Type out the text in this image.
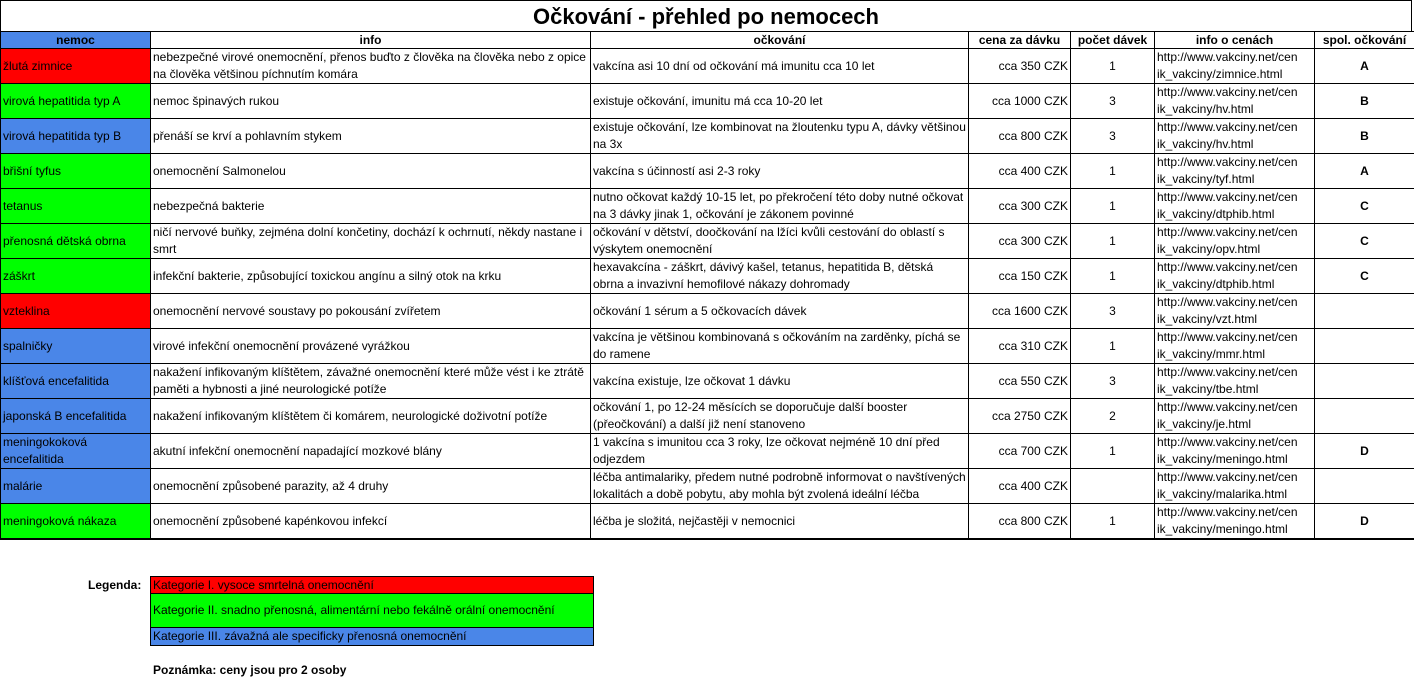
Očkování - přehled po nemocech
nemoc	info	očkování	cena za dávku	počet dávek	info o cenách	spol. očkování
žlutá zimnice	nebezpečné virové onemocnění, přenos buďto z člověka na člověka nebo z opice na člověka většinou píchnutím komára	vakcína asi 10 dní od očkování má imunitu cca 10 let	cca 350 CZK	1	http://www.vakciny.net/cen
ik_vakciny/zimnice.html	A
virová hepatitida typ A	nemoc špinavých rukou	existuje očkování, imunitu má cca 10-20 let	cca 1000 CZK	3	http://www.vakciny.net/cen
ik_vakciny/hv.html	B
virová hepatitida typ B	přenáší se krví a pohlavním stykem	existuje očkování, lze kombinovat na žloutenku typu A, dávky většinou na 3x	cca 800 CZK	3	http://www.vakciny.net/cen
ik_vakciny/hv.html	B
břišní tyfus	onemocnění Salmonelou	vakcína s účinností asi 2-3 roky	cca 400 CZK	1	http://www.vakciny.net/cen
ik_vakciny/tyf.html	A
tetanus	nebezpečná bakterie	nutno očkovat každý 10-15 let, po překročení této doby nutné očkovat na 3 dávky jinak 1, očkování je zákonem povinné	cca 300 CZK	1	http://www.vakciny.net/cen
ik_vakciny/dtphib.html	C
přenosná dětská obrna	ničí nervové buňky, zejména dolní končetiny, dochází k ochrnutí, někdy nastane i smrt	očkování v dětství, doočkování na lžíci kvůli cestování do oblastí s výskytem onemocnění	cca 300 CZK	1	http://www.vakciny.net/cen
ik_vakciny/opv.html	C
záškrt	infekční bakterie, způsobující toxickou angínu a silný otok na krku	hexavakcína - záškrt, dávivý kašel, tetanus, hepatitida B, dětská obrna a invazivní hemofilové nákazy dohromady	cca 150 CZK	1	http://www.vakciny.net/cen
ik_vakciny/dtphib.html	C
vzteklina	onemocnění nervové soustavy po pokousání zvířetem	očkování 1 sérum a 5 očkovacích dávek	cca 1600 CZK	3	http://www.vakciny.net/cen
ik_vakciny/vzt.html	

spalničky	virové infekční onemocnění provázené vyrážkou	vakcína je většinou kombinovaná s očkováním na zarděnky, píchá se do ramene	cca 310 CZK	1	http://www.vakciny.net/cen
ik_vakciny/mmr.html	

klíšťová encefalitida	nakažení infikovaným klíštětem, závažné onemocnění které může vést i ke ztrátě paměti a hybnosti a jiné neurologické potíže	vakcína existuje, lze očkovat 1 dávku	cca 550 CZK	3	http://www.vakciny.net/cen
ik_vakciny/tbe.html	

japonská B encefalitida	nakažení infikovaným klíštětem či komárem, neurologické doživotní potíže	očkování 1, po 12-24 měsících se doporučuje další booster (přeočkování) a další již není stanoveno	cca 2750 CZK	2	http://www.vakciny.net/cen
ik_vakciny/je.html	

meningokoková encefalitida	akutní infekční onemocnění napadající mozkové blány	1 vakcína s imunitou cca 3 roky, lze očkovat nejméně 10 dní před odjezdem	cca 700 CZK	1	http://www.vakciny.net/cen
ik_vakciny/meningo.html	D
malárie	onemocnění způsobené parazity, až 4 druhy	léčba antimalariky, předem nutné podrobně informovat o navštívených lokalitách a době pobytu, aby mohla být zvolená ideální léčba	cca 400 CZK		http://www.vakciny.net/cen
ik_vakciny/malarika.html	

meningoková nákaza	onemocnění způsobené kapénkovou infekcí	léčba je složitá, nejčastěji v nemocnici	cca 800 CZK	1	http://www.vakciny.net/cen
ik_vakciny/meningo.html	D
Legenda: Kategorie I. vysoce smrtelná onemocnění
Kategorie II. snadno přenosná, alimentární nebo fekálně orální onemocnění
Kategorie III. závažná ale specificky přenosná onemocnění
Poznámka: ceny jsou pro 2 osoby
